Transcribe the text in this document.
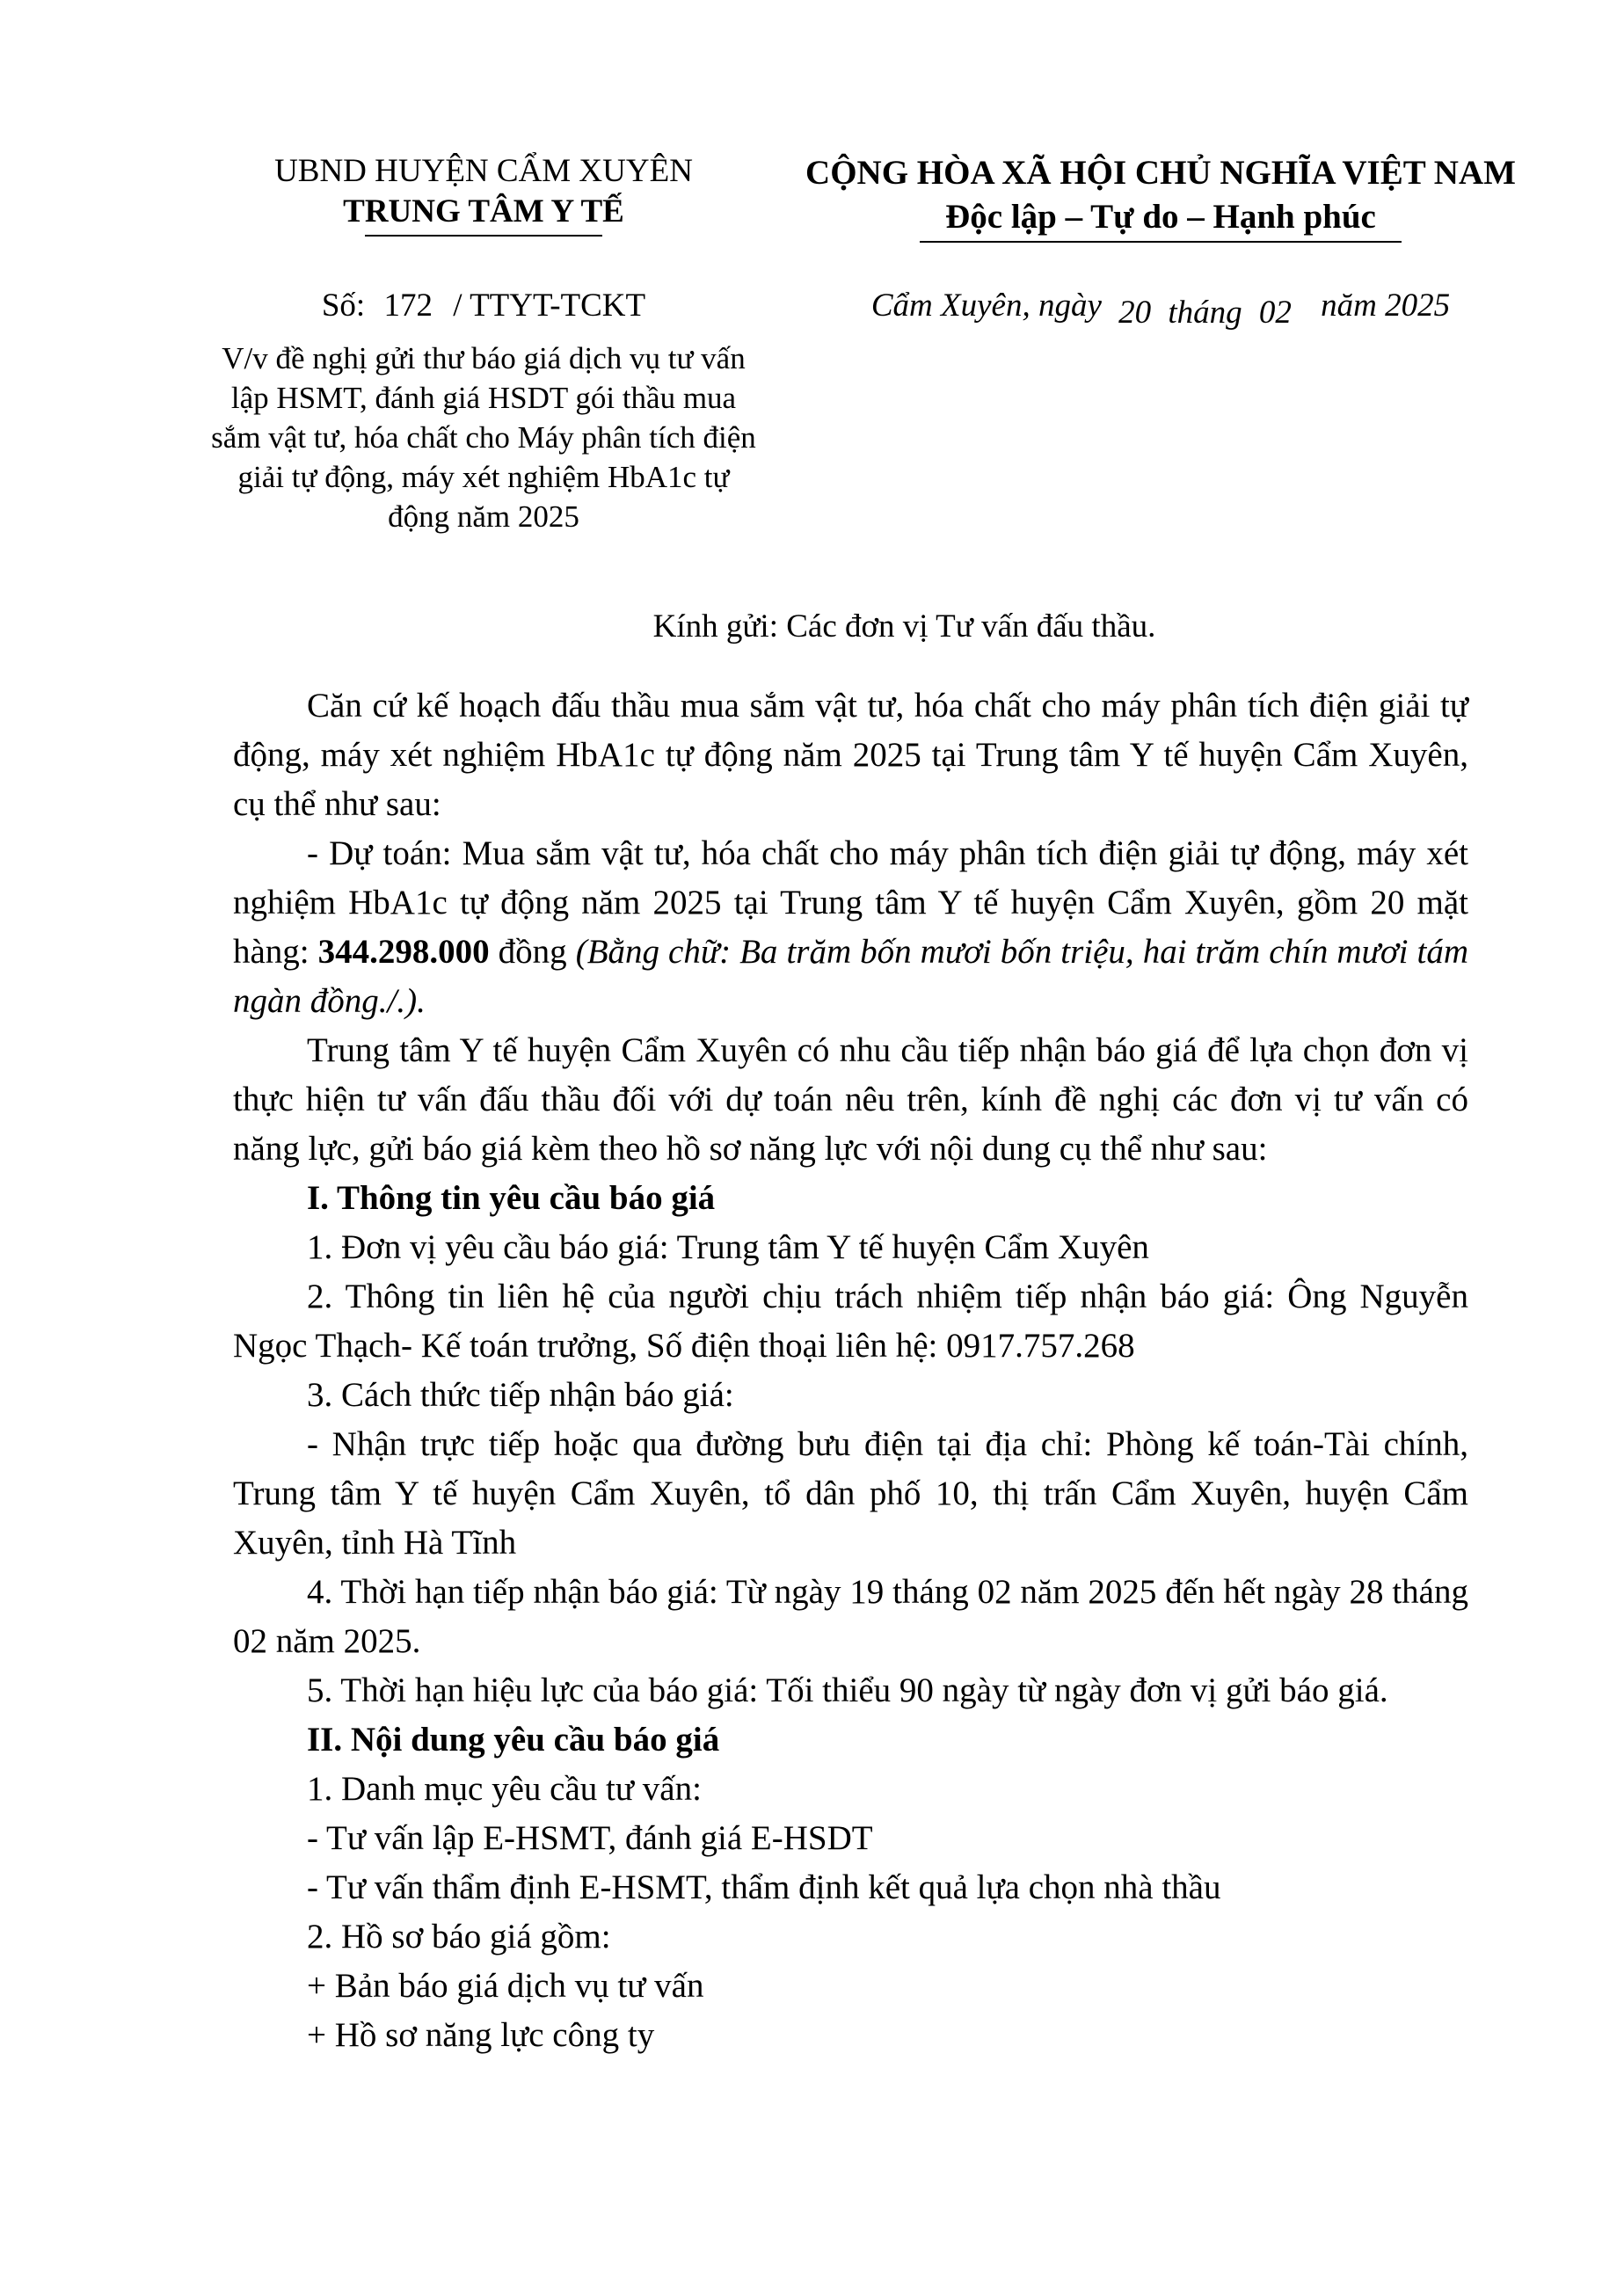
UBND HUYỆN CẨM XUYÊN
TRUNG TÂM Y TẾ
CỘNG HÒA XÃ HỘI CHỦ NGHĨA VIỆT NAM
Độc lập – Tự do – Hạnh phúc
Số: 172 / TTYT-TCKT	Cẩm Xuyên, ngày 20 tháng 02 năm 2025
V/v đề nghị gửi thư báo giá dịch vụ tư vấn lập HSMT, đánh giá HSDT gói thầu mua sắm vật tư, hóa chất cho Máy phân tích điện giải tự động, máy xét nghiệm HbA1c tự động năm 2025
Kính gửi: Các đơn vị Tư vấn đấu thầu.

Căn cứ kế hoạch đấu thầu mua sắm vật tư, hóa chất cho máy phân tích điện giải tự động, máy xét nghiệm HbA1c tự động năm 2025 tại Trung tâm Y tế huyện Cẩm Xuyên, cụ thể như sau:

- Dự toán: Mua sắm vật tư, hóa chất cho máy phân tích điện giải tự động, máy xét nghiệm HbA1c tự động năm 2025 tại Trung tâm Y tế huyện Cẩm Xuyên, gồm 20 mặt hàng: 344.298.000 đồng (Bằng chữ: Ba trăm bốn mươi bốn triệu, hai trăm chín mươi tám ngàn đồng./.).

Trung tâm Y tế huyện Cẩm Xuyên có nhu cầu tiếp nhận báo giá để lựa chọn đơn vị thực hiện tư vấn đấu thầu đối với dự toán nêu trên, kính đề nghị các đơn vị tư vấn có năng lực, gửi báo giá kèm theo hồ sơ năng lực với nội dung cụ thể như sau:

I. Thông tin yêu cầu báo giá

1. Đơn vị yêu cầu báo giá: Trung tâm Y tế huyện Cẩm Xuyên

2. Thông tin liên hệ của người chịu trách nhiệm tiếp nhận báo giá: Ông Nguyễn Ngọc Thạch- Kế toán trưởng, Số điện thoại liên hệ: 0917.757.268

3. Cách thức tiếp nhận báo giá:

- Nhận trực tiếp hoặc qua đường bưu điện tại địa chỉ: Phòng kế toán-Tài chính, Trung tâm Y tế huyện Cẩm Xuyên, tổ dân phố 10, thị trấn Cẩm Xuyên, huyện Cẩm Xuyên, tỉnh Hà Tĩnh

4. Thời hạn tiếp nhận báo giá: Từ ngày 19 tháng 02 năm 2025 đến hết ngày 28 tháng 02 năm 2025.

5. Thời hạn hiệu lực của báo giá: Tối thiểu 90 ngày từ ngày đơn vị gửi báo giá.

II. Nội dung yêu cầu báo giá

1. Danh mục yêu cầu tư vấn:

- Tư vấn lập E-HSMT, đánh giá E-HSDT

- Tư vấn thẩm định E-HSMT, thẩm định kết quả lựa chọn nhà thầu

2. Hồ sơ báo giá gồm:

+ Bản báo giá dịch vụ tư vấn

+ Hồ sơ năng lực công ty
